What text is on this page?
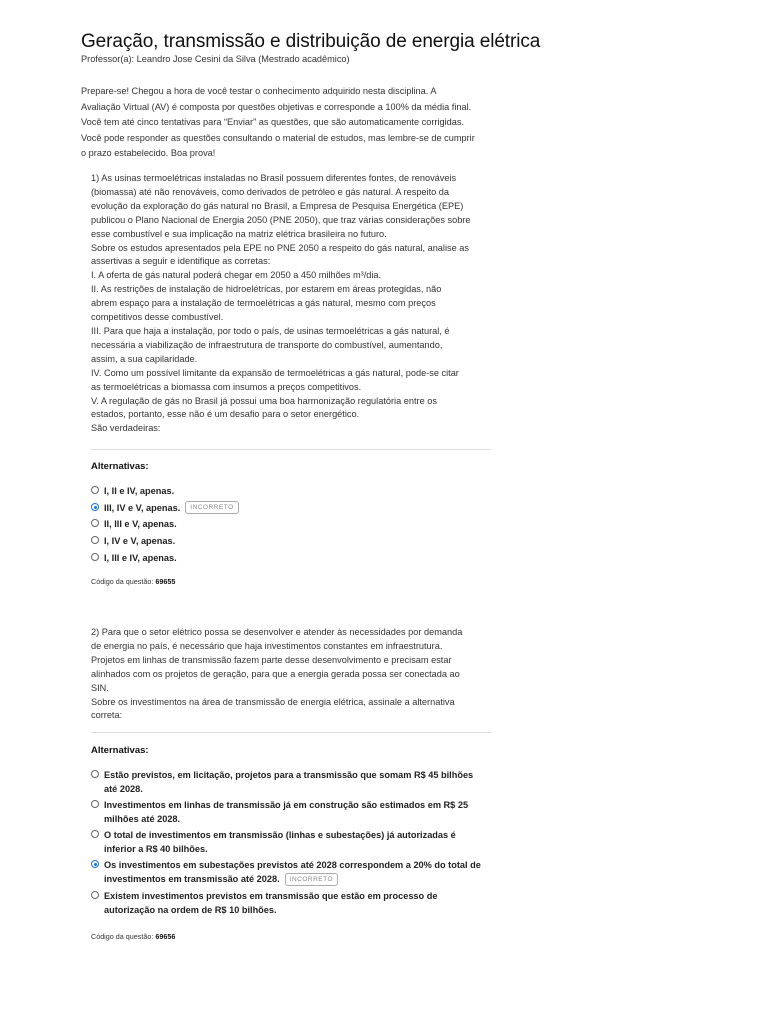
Geração, transmissão e distribuição de energia elétrica
Professor(a): Leandro Jose Cesini da Silva (Mestrado acadêmico)
Prepare-se! Chegou a hora de você testar o conhecimento adquirido nesta disciplina. A
Avaliação Virtual (AV) é composta por questões objetivas e corresponde a 100% da média final.
Você tem até cinco tentativas para “Enviar” as questões, que são automaticamente corrigidas.
Você pode responder as questões consultando o material de estudos, mas lembre-se de cumprir
o prazo estabelecido. Boa prova!
1) As usinas termoelétricas instaladas no Brasil possuem diferentes fontes, de renováveis
(biomassa) até não renováveis, como derivados de petróleo e gás natural. A respeito da
evolução da exploração do gás natural no Brasil, a Empresa de Pesquisa Energética (EPE)
publicou o Plano Nacional de Energia 2050 (PNE 2050), que traz várias considerações sobre
esse combustível e sua implicação na matriz elétrica brasileira no futuro.
Sobre os estudos apresentados pela EPE no PNE 2050 a respeito do gás natural, analise as
assertivas a seguir e identifique as corretas:
I. A oferta de gás natural poderá chegar em 2050 a 450 milhões m³/dia.
II. As restrições de instalação de hidroelétricas, por estarem em áreas protegidas, não
abrem espaço para a instalação de termoelétricas a gás natural, mesmo com preços
competitivos desse combustível.
III. Para que haja a instalação, por todo o país, de usinas termoelétricas a gás natural, é
necessária a viabilização de infraestrutura de transporte do combustível, aumentando,
assim, a sua capilaridade.
IV. Como um possível limitante da expansão de termoelétricas a gás natural, pode-se citar
as termoelétricas a biomassa com insumos a preços competitivos.
V. A regulação de gás no Brasil já possui uma boa harmonização regulatória entre os
estados, portanto, esse não é um desafio para o setor energético.
São verdadeiras:
Alternativas:
I, II e IV, apenas.
III, IV e V, apenas.	INCORRETO
II, III e V, apenas.
I, IV e V, apenas.
I, III e IV, apenas.
Código da questão: 69655
2) Para que o setor elétrico possa se desenvolver e atender às necessidades por demanda
de energia no país, é necessário que haja investimentos constantes em infraestrutura.
Projetos em linhas de transmissão fazem parte desse desenvolvimento e precisam estar
alinhados com os projetos de geração, para que a energia gerada possa ser conectada ao
SIN.
Sobre os investimentos na área de transmissão de energia elétrica, assinale a alternativa
correta:
Alternativas:
Estão previstos, em licitação, projetos para a transmissão que somam R$ 45 bilhões
até 2028.
Investimentos em linhas de transmissão já em construção são estimados em R$ 25
milhões até 2028.
O total de investimentos em transmissão (linhas e subestações) já autorizadas é
inferior a R$ 40 bilhões.
Os investimentos em subestações previstos até 2028 correspondem a 20% do total de
investimentos em transmissão até 2028. INCORRETO
Existem investimentos previstos em transmissão que estão em processo de
autorização na ordem de R$ 10 bilhões.
Código da questão: 69656
